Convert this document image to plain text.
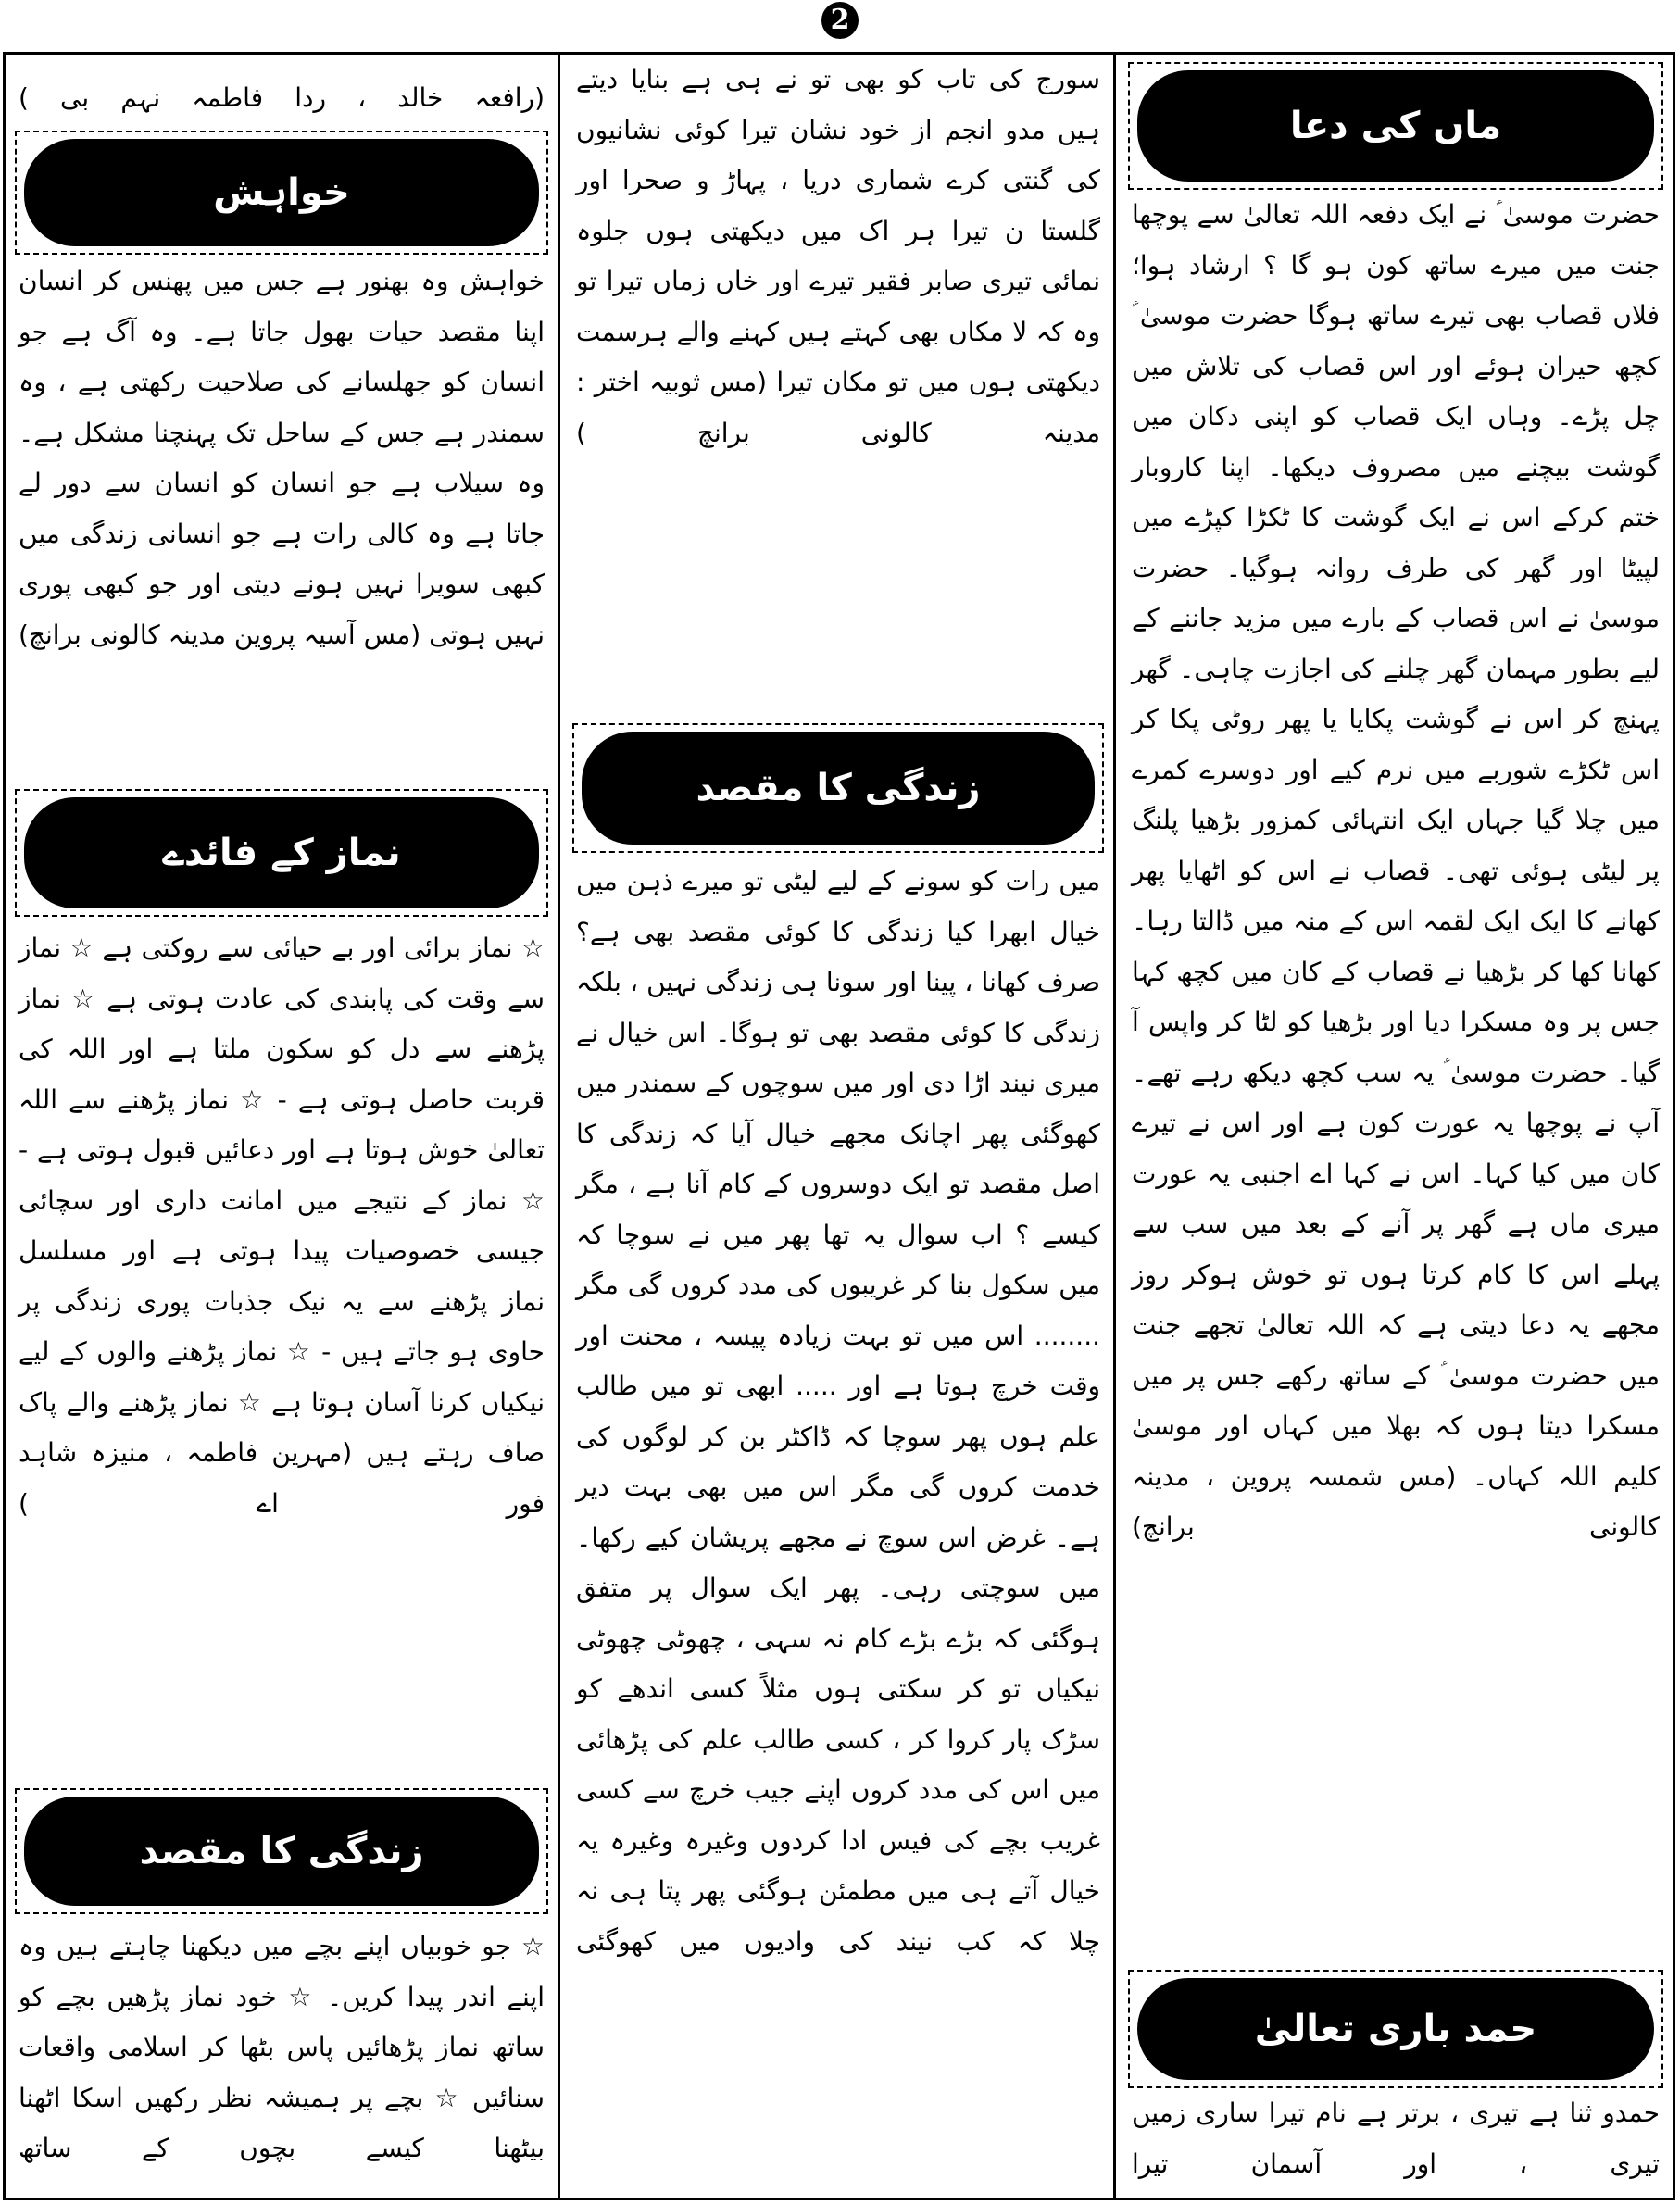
2
ماں کی دعا

حضرت موسیٰ ؑ نے ایک دفعہ اللہ تعالیٰ سے پوچھا جنت میں میرے ساتھ کون ہو گا ؟ ارشاد ہوا؛ فلاں قصاب بھی تیرے ساتھ ہوگا حضرت موسیٰ ؑ کچھ حیران ہوئے اور اس قصاب کی تلاش میں چل پڑے۔ وہاں ایک قصاب کو اپنی دکان میں گوشت بیچنے میں مصروف دیکھا۔ اپنا کاروبار ختم کرکے اس نے ایک گوشت کا ٹکڑا کپڑے میں لپیٹا اور گھر کی طرف روانہ ہوگیا۔ حضرت موسیٰ نے اس قصاب کے بارے میں مزید جاننے کے لیے بطور مہمان گھر چلنے کی اجازت چاہی۔ گھر پہنچ کر اس نے گوشت پکایا یا پھر روٹی پکا کر اس ٹکڑے شوربے میں نرم کیے اور دوسرے کمرے میں چلا گیا جہاں ایک انتہائی کمزور بڑھیا پلنگ پر لیٹی ہوئی تھی۔ قصاب نے اس کو اٹھایا پھر کھانے کا ایک ایک لقمہ اس کے منہ میں ڈالتا رہا۔ کھانا کھا کر بڑھیا نے قصاب کے کان میں کچھ کہا جس پر وہ مسکرا دیا اور بڑھیا کو لٹا کر واپس آ گیا۔ حضرت موسیٰ ؑ یہ سب کچھ دیکھ رہے تھے۔ آپ نے پوچھا یہ عورت کون ہے اور اس نے تیرے کان میں کیا کہا۔ اس نے کہا اے اجنبی یہ عورت میری ماں ہے گھر پر آنے کے بعد میں سب سے پہلے اس کا کام کرتا ہوں تو خوش ہوکر روز مجھے یہ دعا دیتی ہے کہ اللہ تعالیٰ تجھے جنت میں حضرت موسیٰ ؑ کے ساتھ رکھے جس پر میں مسکرا دیتا ہوں کہ بھلا میں کہاں اور موسیٰ کلیم اللہ کہاں۔ (مس شمسہ پروین ، مدینہ کالونی برانچ)

حمد باری تعالیٰ

حمدو ثنا ہے تیری ، برتر ہے نام تیرا ساری زمیں تیری ، اور آسمان تیرا

سورج کی تاب کو بھی تو نے ہی ہے بنایا دیتے ہیں مدو انجم از خود نشان تیرا کوئی نشانیوں کی گنتی کرے شماری دریا ، پہاڑ و صحرا اور گلستا ن تیرا ہر اک میں دیکھتی ہوں جلوہ نمائی تیری صابر فقیر تیرے اور خاں زماں تیرا تو وہ کہ لا مکاں بھی کہتے ہیں کہنے والے ہرسمت دیکھتی ہوں میں تو مکان تیرا (مس ثوبیہ اختر : مدینہ کالونی برانچ )

زندگی کا مقصد

میں رات کو سونے کے لیے لیٹی تو میرے ذہن میں خیال ابھرا کیا زندگی کا کوئی مقصد بھی ہے؟ صرف کھانا ، پینا اور سونا ہی زندگی نہیں ، بلکہ زندگی کا کوئی مقصد بھی تو ہوگا۔ اس خیال نے میری نیند اڑا دی اور میں سوچوں کے سمندر میں کھوگئی پھر اچانک مجھے خیال آیا کہ زندگی کا اصل مقصد تو ایک دوسروں کے کام آنا ہے ، مگر کیسے ؟ اب سوال یہ تھا پھر میں نے سوچا کہ میں سکول بنا کر غریبوں کی مدد کروں گی مگر ........ اس میں تو بہت زیادہ پیسہ ، محنت اور وقت خرچ ہوتا ہے اور ..... ابھی تو میں طالب علم ہوں پھر سوچا کہ ڈاکٹر بن کر لوگوں کی خدمت کروں گی مگر اس میں بھی بہت دیر ہے۔ غرض اس سوچ نے مجھے پریشان کیے رکھا۔ میں سوچتی رہی۔ پھر ایک سوال پر متفق ہوگئی کہ بڑے بڑے کام نہ سہی ، چھوٹی چھوٹی نیکیاں تو کر سکتی ہوں مثلاً کسی اندھے کو سڑک پار کروا کر ، کسی طالب علم کی پڑھائی میں اس کی مدد کروں اپنے جیب خرچ سے کسی غریب بچے کی فیس ادا کردوں وغیرہ وغیرہ یہ خیال آتے ہی میں مطمئن ہوگئی پھر پتا ہی نہ چلا کہ کب نیند کی وادیوں میں کھوگئی

(رافعہ خالد ، ردا فاطمہ نہم بی )

خواہش

خواہش وہ بھنور ہے جس میں پھنس کر انسان اپنا مقصد حیات بھول جاتا ہے۔ وہ آگ ہے جو انسان کو جھلسانے کی صلاحیت رکھتی ہے ، وہ سمندر ہے جس کے ساحل تک پہنچنا مشکل ہے۔ وہ سیلاب ہے جو انسان کو انسان سے دور لے جاتا ہے وہ کالی رات ہے جو انسانی زندگی میں کبھی سویرا نہیں ہونے دیتی اور جو کبھی پوری نہیں ہوتی (مس آسیہ پروین مدینہ کالونی برانچ)

نماز کے فائدے

☆ نماز برائی اور بے حیائی سے روکتی ہے ☆ نماز سے وقت کی پابندی کی عادت ہوتی ہے ☆ نماز پڑھنے سے دل کو سکون ملتا ہے اور اللہ کی قربت حاصل ہوتی ہے - ☆ نماز پڑھنے سے اللہ تعالیٰ خوش ہوتا ہے اور دعائیں قبول ہوتی ہے - ☆ نماز کے نتیجے میں امانت داری اور سچائی جیسی خصوصیات پیدا ہوتی ہے اور مسلسل نماز پڑھنے سے یہ نیک جذبات پوری زندگی پر حاوی ہو جاتے ہیں - ☆ نماز پڑھنے والوں کے لیے نیکیاں کرنا آسان ہوتا ہے ☆ نماز پڑھنے والے پاک صاف رہتے ہیں (مہرین فاطمہ ، منیزہ شاہد فور اے )

زندگی کا مقصد

☆ جو خوبیاں اپنے بچے میں دیکھنا چاہتے ہیں وہ اپنے اندر پیدا کریں۔ ☆ خود نماز پڑھیں بچے کو ساتھ نماز پڑھائیں پاس بٹھا کر اسلامی واقعات سنائیں ☆ بچے پر ہمیشہ نظر رکھیں اسکا اٹھنا بیٹھنا کیسے بچوں کے ساتھ
